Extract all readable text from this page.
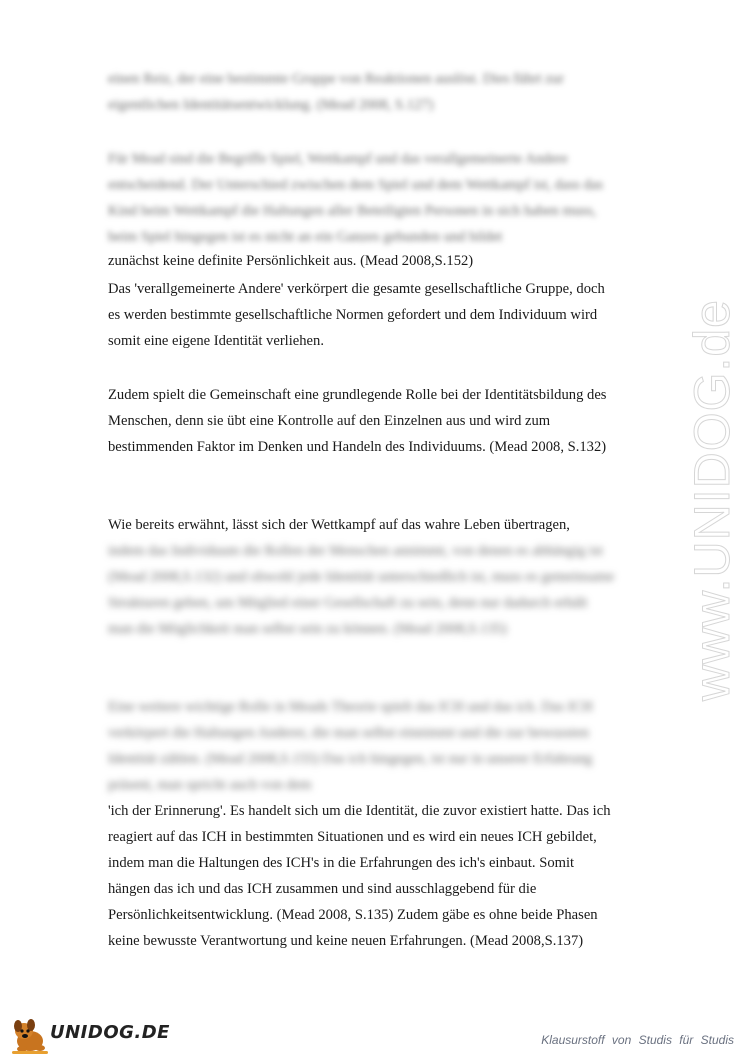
www.UNIDOG.de

einen Reiz, der eine bestimmte Gruppe von Reaktionen auslöst. Dies führt zur eigentlichen Identitätsentwicklung. (Mead 2008, S.127)

Für Mead sind die Begriffe Spiel, Wettkampf und das verallgemeinerte Andere entscheidend. Der Unterschied zwischen dem Spiel und dem Wettkampf ist, dass das Kind beim Wettkampf die Haltungen aller Beteiligten Personen in sich haben muss, beim Spiel hingegen ist es nicht an ein Ganzes gebunden und bildet

zunächst keine definite Persönlichkeit aus. (Mead 2008,S.152)

Das 'verallgemeinerte Andere' verkörpert die gesamte gesellschaftliche Gruppe, doch es werden bestimmte gesellschaftliche Normen gefordert und dem Individuum wird somit eine eigene Identität verliehen.

Zudem spielt die Gemeinschaft eine grundlegende Rolle bei der Identitätsbildung des Menschen, denn sie übt eine Kontrolle auf den Einzelnen aus und wird zum bestimmenden Faktor im Denken und Handeln des Individuums. (Mead 2008, S.132)

Wie bereits erwähnt, lässt sich der Wettkampf auf das wahre Leben übertragen,

indem das Individuum die Rollen der Menschen annimmt, von denen es abhängig ist (Mead 2008,S.132) und obwohl jede Identität unterschiedlich ist, muss es gemeinsame Strukturen geben, um Mitglied einer Gesellschaft zu sein, denn nur dadurch erhält man die Möglichkeit man selbst sein zu können. (Mead 2008,S.135)

Eine weitere wichtige Rolle in Meads Theorie spielt das ICH und das ich. Das ICH verkörpert die Haltungen Anderer, die man selbst einnimmt und die zur bewussten Identität zählen. (Mead 2008,S.155) Das ich hingegen, ist nur in unserer Erfahrung präsent, man spricht auch von dem

'ich der Erinnerung'. Es handelt sich um die Identität, die zuvor existiert hatte. Das ich reagiert auf das ICH in bestimmten Situationen und es wird ein neues ICH gebildet, indem man die Haltungen des ICH's in die Erfahrungen des ich's einbaut. Somit hängen das ich und das ICH zusammen und sind ausschlaggebend für die Persönlichkeitsentwicklung. (Mead 2008, S.135) Zudem gäbe es ohne beide Phasen keine bewusste Verantwortung und keine neuen Erfahrungen. (Mead 2008,S.137)

UNIDOG.DE	Klausurstoff von Studis für Studis
